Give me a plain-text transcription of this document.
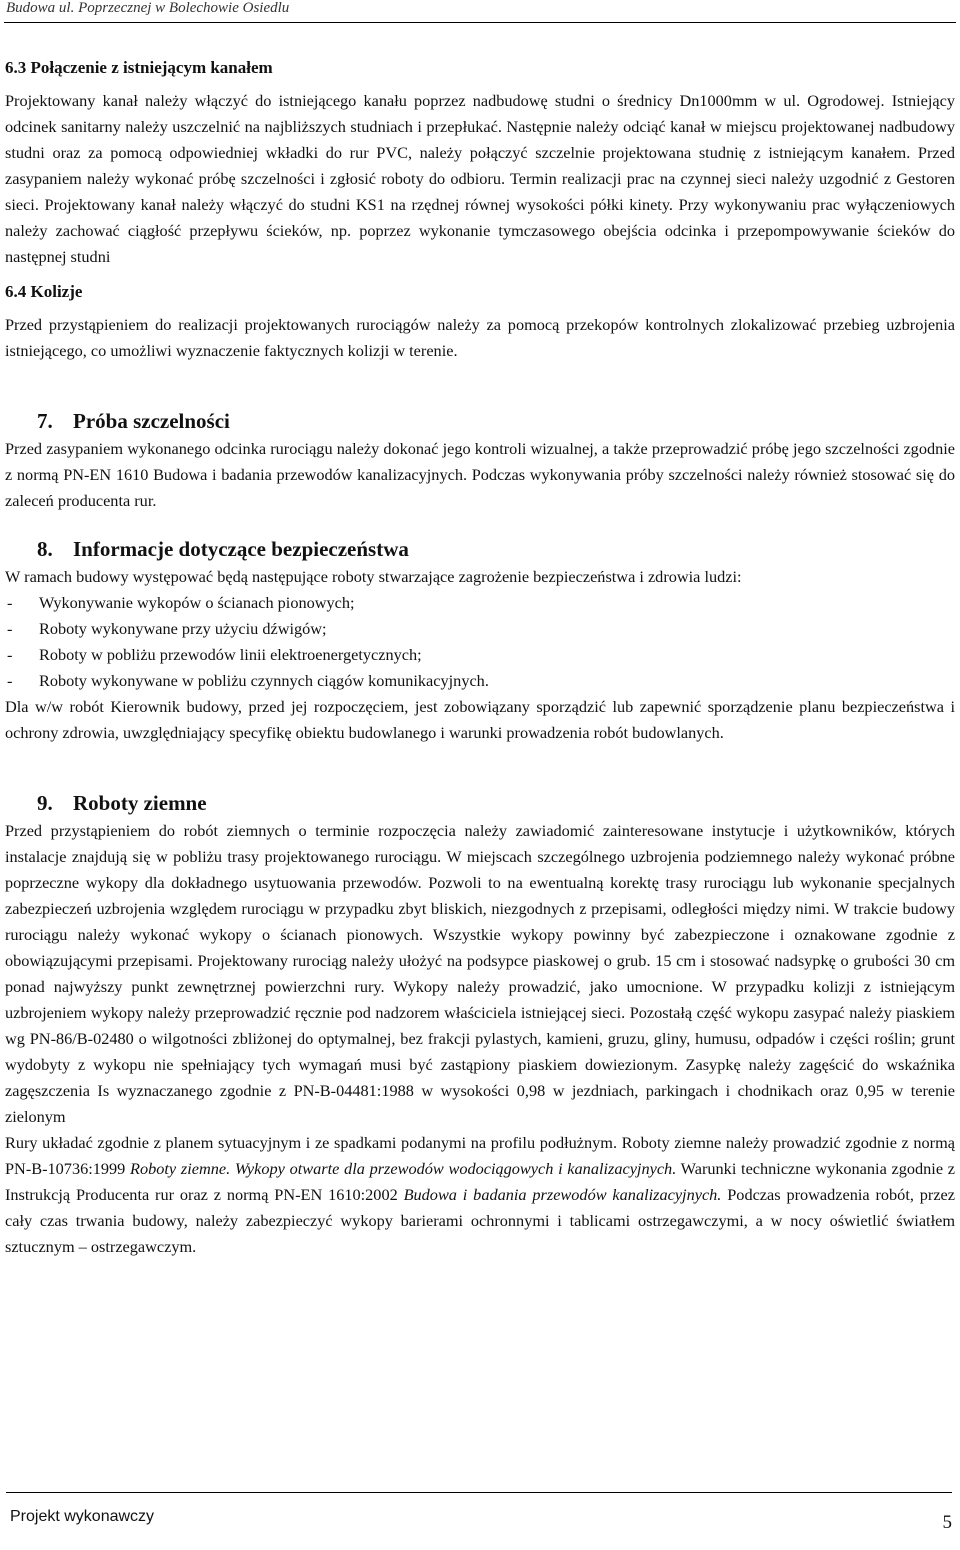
Budowa ul. Poprzecznej w Bolechowie Osiedlu
6.3 Połączenie z istniejącym kanałem

Projektowany kanał należy włączyć do istniejącego kanału poprzez nadbudowę studni o średnicy Dn1000mm w ul. Ogrodowej. Istniejący odcinek sanitarny należy uszczelnić na najbliższych studniach i przepłukać. Następnie należy odciąć kanał w miejscu projektowanej nadbudowy studni oraz za pomocą odpowiedniej wkładki do rur PVC, należy połączyć szczelnie projektowana studnię z istniejącym kanałem. Przed zasypaniem należy wykonać próbę szczelności i zgłosić roboty do odbioru. Termin realizacji prac na czynnej sieci należy uzgodnić z Gestoren sieci. Projektowany kanał należy włączyć do studni KS1 na rzędnej równej wysokości półki kinety. Przy wykonywaniu prac wyłączeniowych należy zachować ciągłość przepływu ścieków, np. poprzez wykonanie tymczasowego obejścia odcinka i przepompowywanie ścieków do następnej studni

6.4 Kolizje

Przed przystąpieniem do realizacji projektowanych rurociągów należy za pomocą przekopów kontrolnych zlokalizować przebieg uzbrojenia istniejącego, co umożliwi wyznaczenie faktycznych kolizji w terenie.

7. Próba szczelności

Przed zasypaniem wykonanego odcinka rurociągu należy dokonać jego kontroli wizualnej, a także przeprowadzić próbę jego szczelności zgodnie z normą PN-EN 1610 Budowa i badania przewodów kanalizacyjnych. Podczas wykonywania próby szczelności należy również stosować się do zaleceń producenta rur.

8. Informacje dotyczące bezpieczeństwa

W ramach budowy występować będą następujące roboty stwarzające zagrożenie bezpieczeństwa i zdrowia ludzi:

- Wykonywanie wykopów o ścianach pionowych;
- Roboty wykonywane przy użyciu dźwigów;
- Roboty w pobliżu przewodów linii elektroenergetycznych;
- Roboty wykonywane w pobliżu czynnych ciągów komunikacyjnych.

Dla w/w robót Kierownik budowy, przed jej rozpoczęciem, jest zobowiązany sporządzić lub zapewnić sporządzenie planu bezpieczeństwa i ochrony zdrowia, uwzględniający specyfikę obiektu budowlanego i warunki prowadzenia robót budowlanych.

9. Roboty ziemne

Przed przystąpieniem do robót ziemnych o terminie rozpoczęcia należy zawiadomić zainteresowane instytucje i użytkowników, których instalacje znajdują się w pobliżu trasy projektowanego rurociągu. W miejscach szczególnego uzbrojenia podziemnego należy wykonać próbne poprzeczne wykopy dla dokładnego usytuowania przewodów. Pozwoli to na ewentualną korektę trasy rurociągu lub wykonanie specjalnych zabezpieczeń uzbrojenia względem rurociągu w przypadku zbyt bliskich, niezgodnych z przepisami, odległości między nimi. W trakcie budowy rurociągu należy wykonać wykopy o ścianach pionowych. Wszystkie wykopy powinny być zabezpieczone i oznakowane zgodnie z obowiązującymi przepisami. Projektowany rurociąg należy ułożyć na podsypce piaskowej o grub. 15 cm i stosować nadsypkę o grubości 30 cm ponad najwyższy punkt zewnętrznej powierzchni rury. Wykopy należy prowadzić, jako umocnione. W przypadku kolizji z istniejącym uzbrojeniem wykopy należy przeprowadzić ręcznie pod nadzorem właściciela istniejącej sieci. Pozostałą część wykopu zasypać należy piaskiem wg PN-86/B-02480 o wilgotności zbliżonej do optymalnej, bez frakcji pylastych, kamieni, gruzu, gliny, humusu, odpadów i części roślin; grunt wydobyty z wykopu nie spełniający tych wymagań musi być zastąpiony piaskiem dowiezionym. Zasypkę należy zagęścić do wskaźnika zagęszczenia Is wyznaczanego zgodnie z PN-B-04481:1988 w wysokości 0,98 w jezdniach, parkingach i chodnikach oraz 0,95 w terenie zielonym

Rury układać zgodnie z planem sytuacyjnym i ze spadkami podanymi na profilu podłużnym. Roboty ziemne należy prowadzić zgodnie z normą PN-B-10736:1999 Roboty ziemne. Wykopy otwarte dla przewodów wodociągowych i kanalizacyjnych. Warunki techniczne wykonania zgodnie z Instrukcją Producenta rur oraz z normą PN-EN 1610:2002 Budowa i badania przewodów kanalizacyjnych. Podczas prowadzenia robót, przez cały czas trwania budowy, należy zabezpieczyć wykopy barierami ochronnymi i tablicami ostrzegawczymi, a w nocy oświetlić światłem sztucznym – ostrzegawczym.

Projekt wykonawczy	5
